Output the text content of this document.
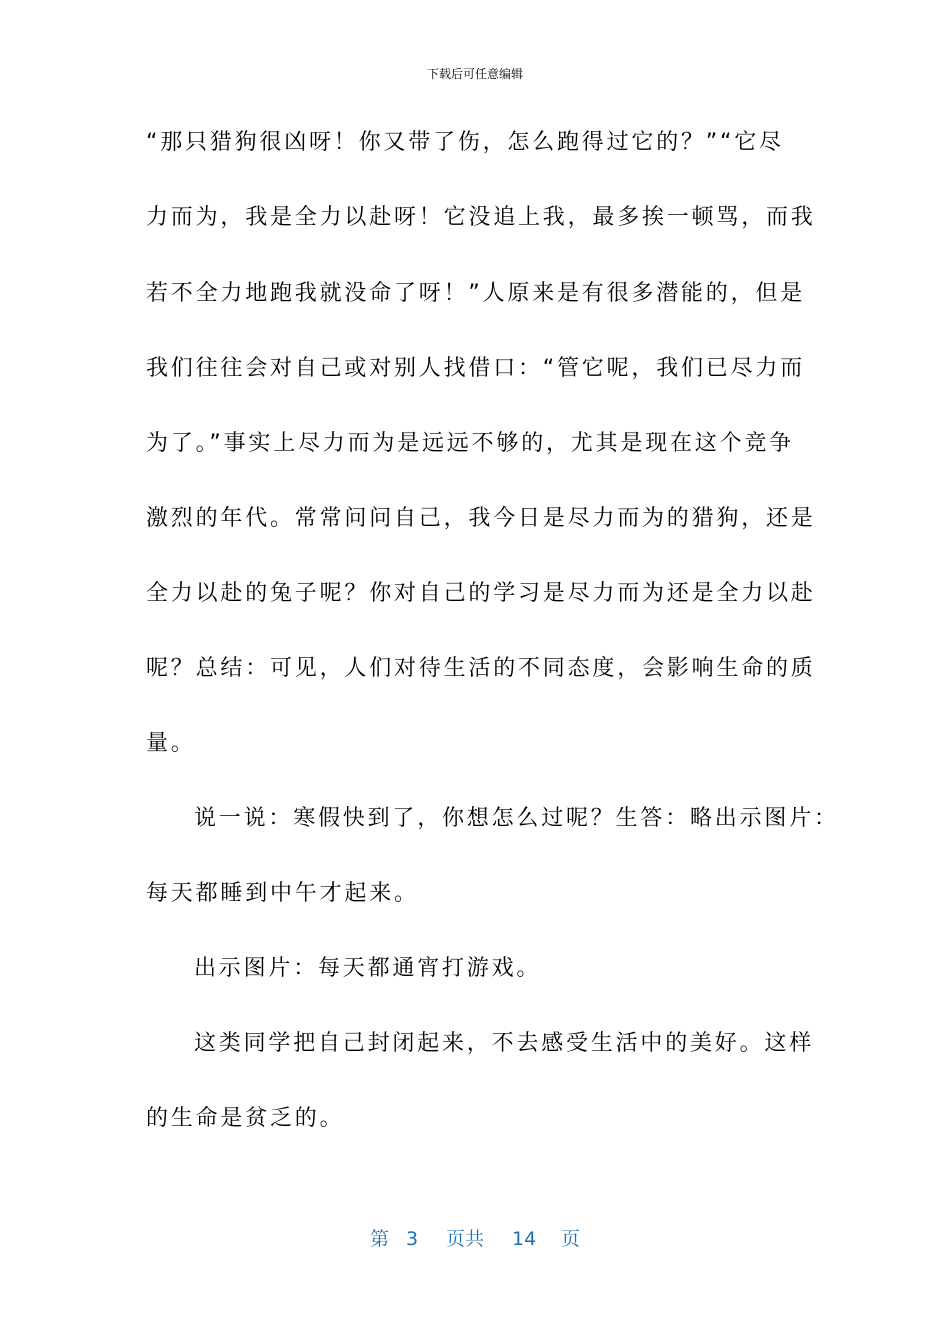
下载后可任意编辑
“那只猎狗很凶呀！你又带了伤，怎么跑得过它的？”“它尽
力而为，我是全力以赴呀！它没追上我，最多挨一顿骂，而我
若不全力地跑我就没命了呀！”人原来是有很多潜能的，但是
我们往往会对自己或对别人找借口：“管它呢，我们已尽力而
为了。”事实上尽力而为是远远不够的，尤其是现在这个竞争
激烈的年代。常常问问自己，我今日是尽力而为的猎狗，还是
全力以赴的兔子呢？你对自己的学习是尽力而为还是全力以赴
呢？总结：可见，人们对待生活的不同态度，会影响生命的质
量。
说一说：寒假快到了，你想怎么过呢？生答：略出示图片：
每天都睡到中午才起来。
出示图片：每天都通宵打游戏。
这类同学把自己封闭起来，不去感受生活中的美好。这样
的生命是贫乏的。
第 3 页共 14 页
